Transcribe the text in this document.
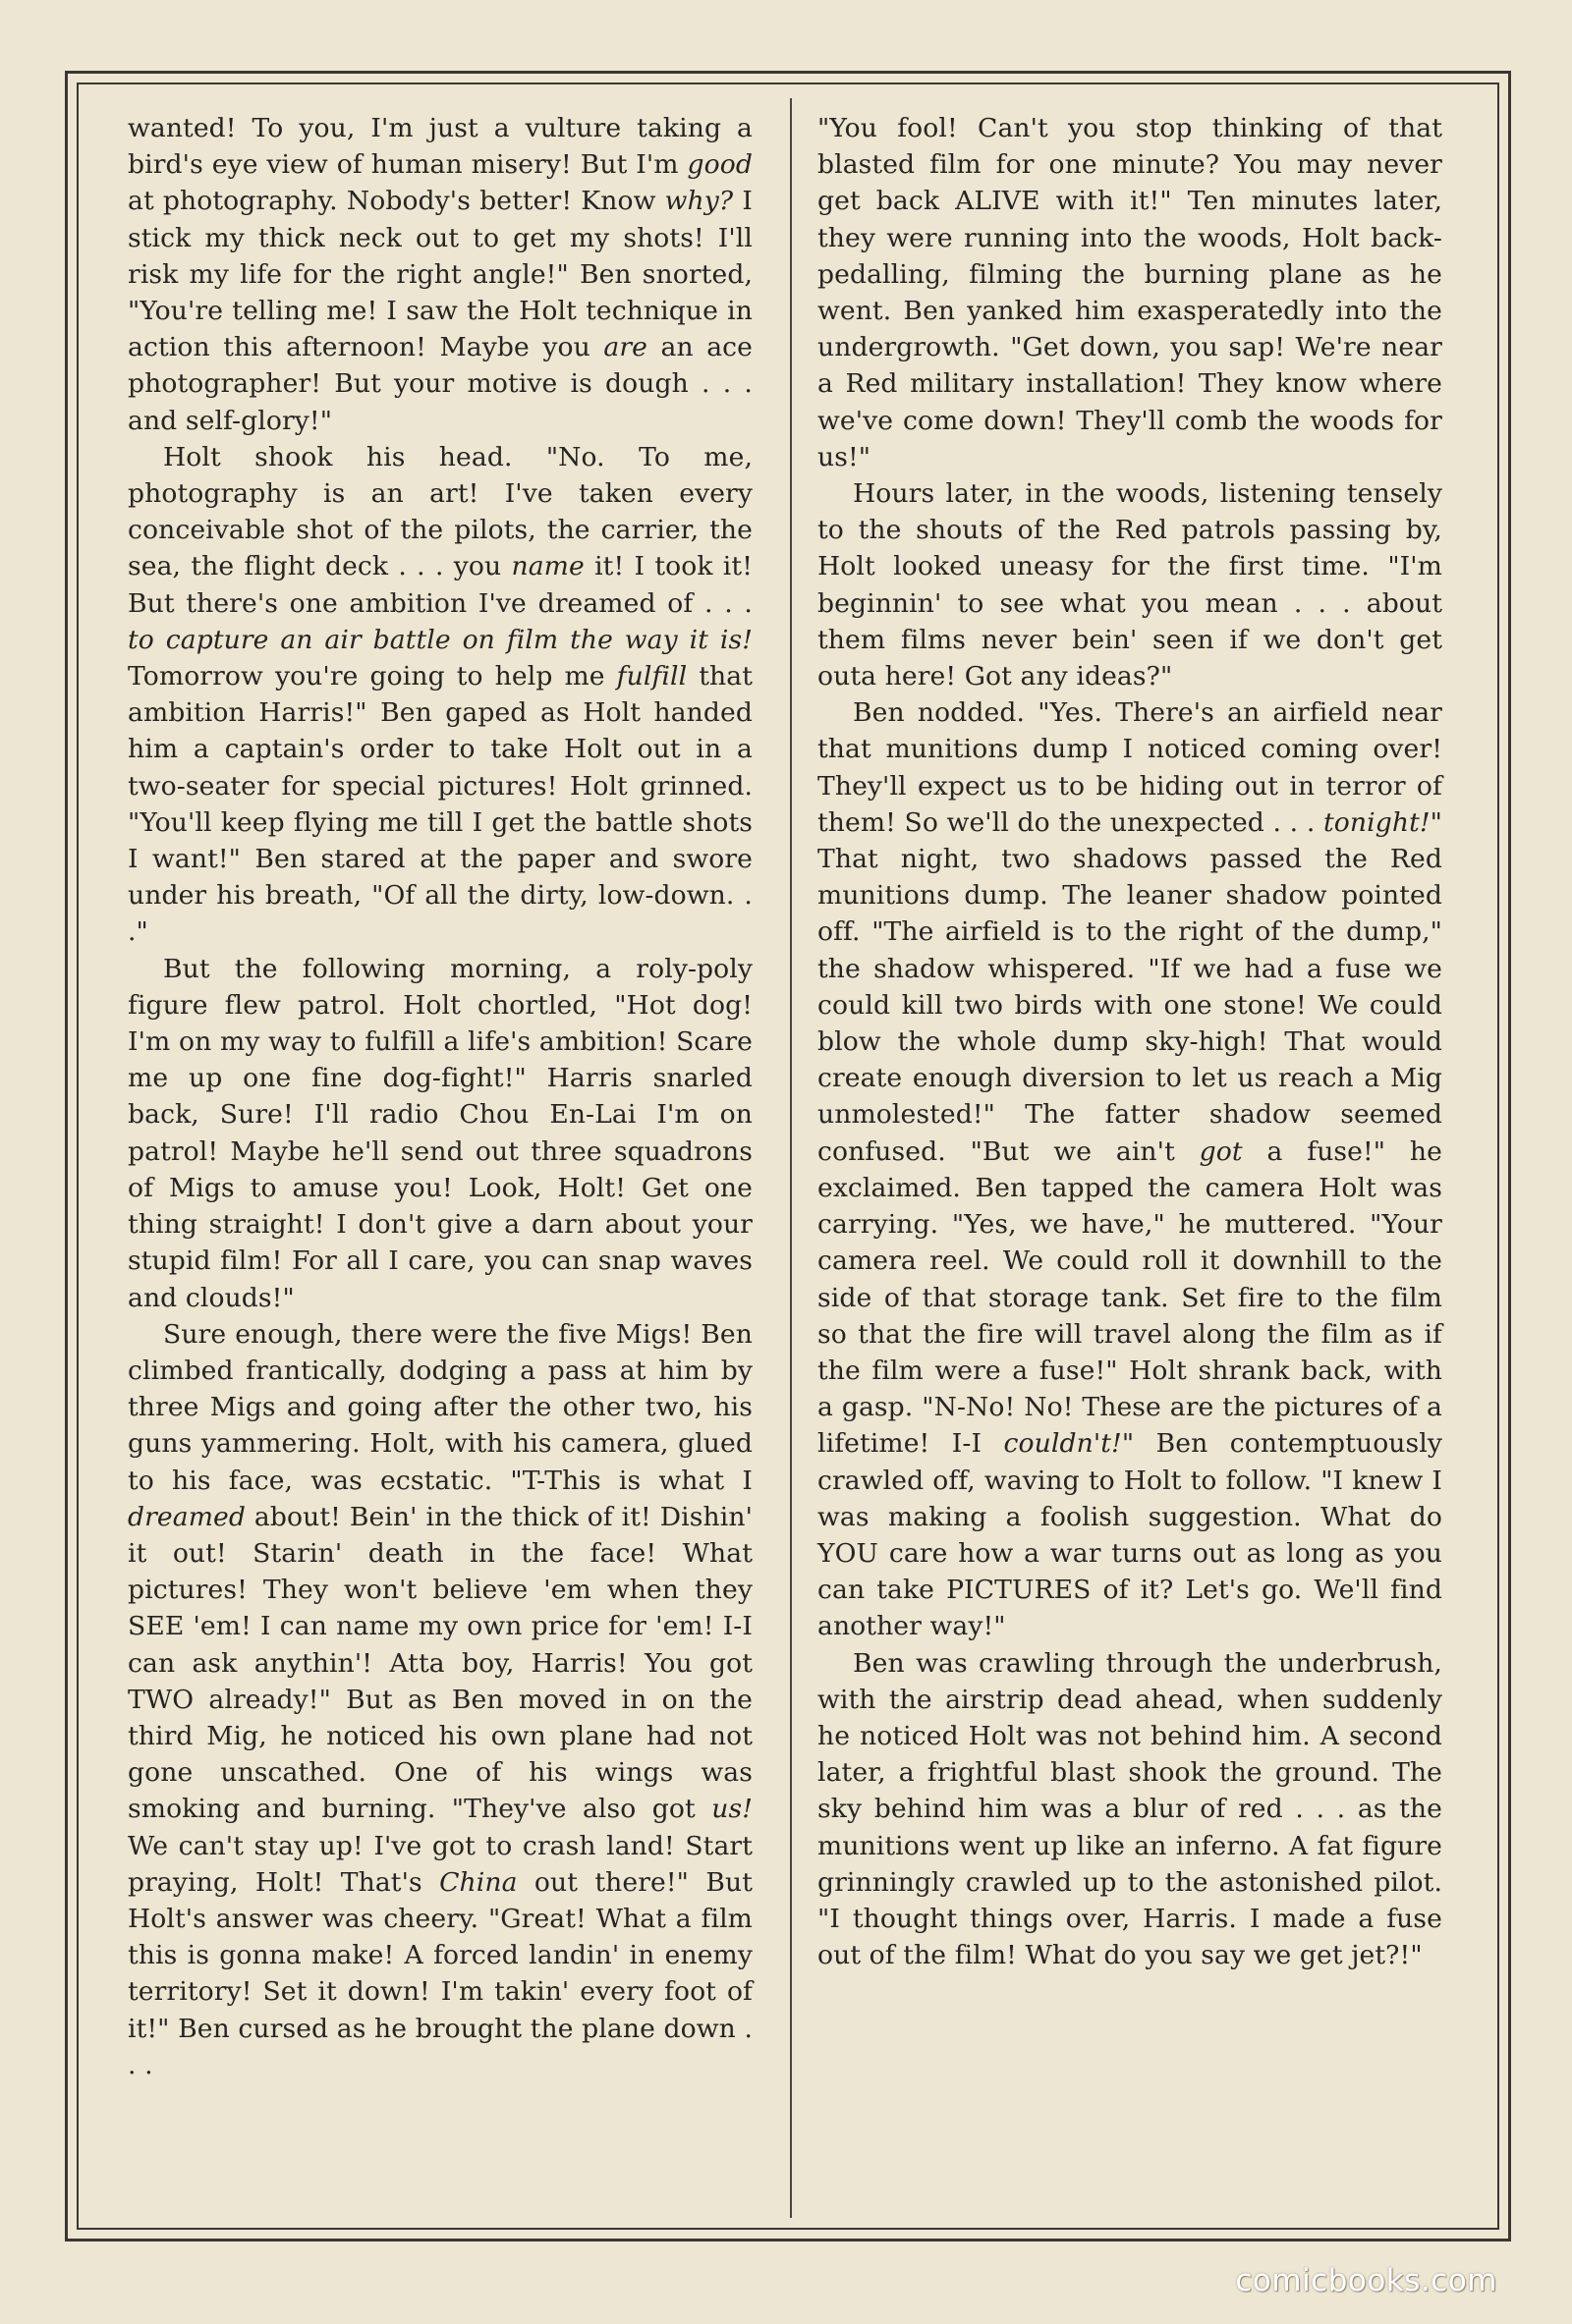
wanted! To you, I'm just a vulture taking a bird's eye view of human misery! But I'm good at photography. Nobody's better! Know why? I stick my thick neck out to get my shots! I'll risk my life for the right angle!" Ben snorted, "You're telling me! I saw the Holt technique in action this afternoon! Maybe you are an ace photographer! But your motive is dough . . . and self-glory!"

Holt shook his head. "No. To me, photography is an art! I've taken every conceivable shot of the pilots, the carrier, the sea, the flight deck . . . you name it! I took it! But there's one ambition I've dreamed of . . . to capture an air battle on film the way it is! Tomorrow you're going to help me fulfill that ambition Harris!" Ben gaped as Holt handed him a captain's order to take Holt out in a two-seater for special pictures! Holt grinned. "You'll keep flying me till I get the battle shots I want!" Ben stared at the paper and swore under his breath, "Of all the dirty, low-down. . ."

But the following morning, a roly-poly figure flew patrol. Holt chortled, "Hot dog! I'm on my way to fulfill a life's ambition! Scare me up one fine dog-fight!" Harris snarled back, Sure! I'll radio Chou En-Lai I'm on patrol! Maybe he'll send out three squadrons of Migs to amuse you! Look, Holt! Get one thing straight! I don't give a darn about your stupid film! For all I care, you can snap waves and clouds!"

Sure enough, there were the five Migs! Ben climbed frantically, dodging a pass at him by three Migs and going after the other two, his guns yammering. Holt, with his camera, glued to his face, was ecstatic. "T-This is what I dreamed about! Bein' in the thick of it! Dishin' it out! Starin' death in the face! What pictures! They won't believe 'em when they SEE 'em! I can name my own price for 'em! I-I can ask anythin'! Atta boy, Harris! You got TWO already!" But as Ben moved in on the third Mig, he noticed his own plane had not gone unscathed. One of his wings was smoking and burning. "They've also got us! We can't stay up! I've got to crash land! Start praying, Holt! That's China out there!" But Holt's answer was cheery. "Great! What a film this is gonna make! A forced landin' in enemy territory! Set it down! I'm takin' every foot of it!" Ben cursed as he brought the plane down . . .

"You fool! Can't you stop thinking of that blasted film for one minute? You may never get back ALIVE with it!" Ten minutes later, they were running into the woods, Holt back-pedalling, filming the burning plane as he went. Ben yanked him exasperatedly into the undergrowth. "Get down, you sap! We're near a Red military installation! They know where we've come down! They'll comb the woods for us!"

Hours later, in the woods, listening tensely to the shouts of the Red patrols passing by, Holt looked uneasy for the first time. "I'm beginnin' to see what you mean . . . about them films never bein' seen if we don't get outa here! Got any ideas?"

Ben nodded. "Yes. There's an airfield near that munitions dump I noticed coming over! They'll expect us to be hiding out in terror of them! So we'll do the unexpected . . . tonight!" That night, two shadows passed the Red munitions dump. The leaner shadow pointed off. "The airfield is to the right of the dump," the shadow whispered. "If we had a fuse we could kill two birds with one stone! We could blow the whole dump sky-high! That would create enough diversion to let us reach a Mig unmolested!" The fatter shadow seemed confused. "But we ain't got a fuse!" he exclaimed. Ben tapped the camera Holt was carrying. "Yes, we have," he muttered. "Your camera reel. We could roll it downhill to the side of that storage tank. Set fire to the film so that the fire will travel along the film as if the film were a fuse!" Holt shrank back, with a gasp. "N-No! No! These are the pictures of a lifetime! I-I couldn't!" Ben contemptuously crawled off, waving to Holt to follow. "I knew I was making a foolish suggestion. What do YOU care how a war turns out as long as you can take PICTURES of it? Let's go. We'll find another way!"

Ben was crawling through the underbrush, with the airstrip dead ahead, when suddenly he noticed Holt was not behind him. A second later, a frightful blast shook the ground. The sky behind him was a blur of red . . . as the munitions went up like an inferno. A fat figure grinningly crawled up to the astonished pilot. "I thought things over, Harris. I made a fuse out of the film! What do you say we get jet?!"

comicbooks.com
